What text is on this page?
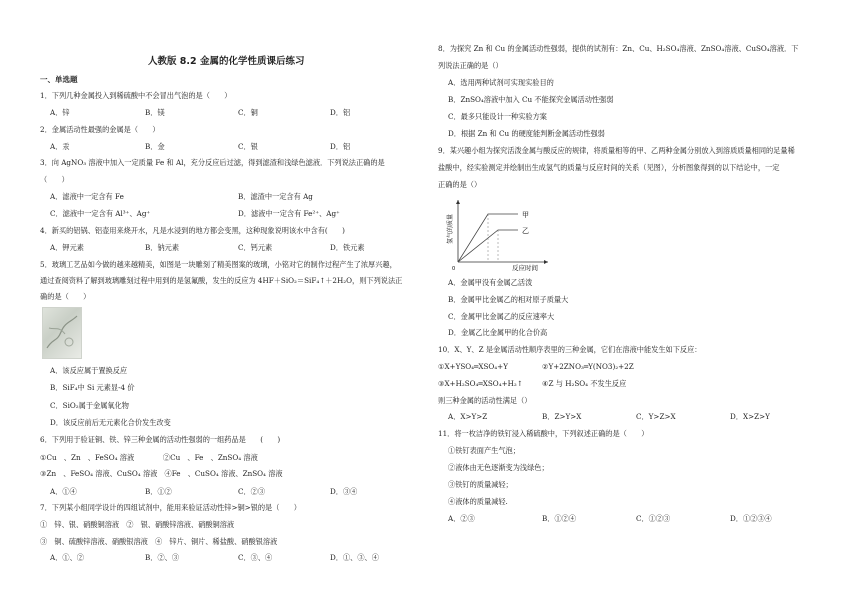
人教版 8.2 金属的化学性质课后练习
一、单选题
1．下列几种金属投入到稀硫酸中不会冒出气泡的是（　　）
A．锌	B．镁	C．铜	D．铝
2．金属活动性最强的金属是（　　）
A．汞	B．金	C．银	D．铝
3．向 AgNO₃ 溶液中加入一定质量 Fe 和 Al，充分反应后过滤，得到滤渣和浅绿色滤液．下列说法正确的是
（　　）
A．滤液中一定含有 Fe	B．滤渣中一定含有 Ag
C．滤液中一定含有 Al³⁺、Ag⁺	D．滤液中一定含有 Fe²⁺、Ag⁺
4．新买的铝锅、铝壶用来烧开水，凡是水浸到的地方都会变黑，这种现象说明该水中含有(　　)
A．钾元素	B．钠元素	C．钙元素	D．铁元素
5．玻璃工艺品如今做的越来越精美，如图是一块雕刻了精美图案的玻璃，小铭对它的制作过程产生了浓厚兴趣，
通过查阅资料了解到玻璃雕刻过程中用到的是氢氟酸，发生的反应为 4HF＋SiO₂＝SiF₄↑＋2H₂O，则下列说法正
确的是（　　）
A．该反应属于置换反应
B．SiF₄中 Si 元素显-4 价
C．SiO₂属于金属氧化物
D．该反应前后无元素化合价发生改变
6．下列用于验证铜、铁、锌三种金属的活动性强弱的一组药品是　　(　　)
①Cu　、Zn　、FeSO₄ 溶液　　　　②Cu　、Fe　、ZnSO₄ 溶液
③Zn　、FeSO₄ 溶液、CuSO₄ 溶液　④Fe　、CuSO₄ 溶液、ZnSO₄ 溶液
A．①④	B．①②	C．②③	D．③④
7．下列某小组同学设计的四组试剂中，能用来验证活动性锌>铜>银的是（　　）
①　锌、银、硝酸铜溶液　②　银、硝酸锌溶液、硝酸铜溶液
③　铜、硫酸锌溶液、硝酸银溶液　④　锌片、铜片、稀盐酸、硝酸银溶液
A．①、②	B．②、③	C．③、④	D．①、③、④
8．为探究 Zn 和 Cu 的金属活动性强弱，提供的试剂有：Zn、Cu、H₂SO₄溶液、ZnSO₄溶液、CuSO₄溶液．下
列说法正确的是（）
A．选用两种试剂可实现实验目的
B．ZnSO₄溶液中加入 Cu 不能探究金属活动性强弱
C．最多只能设计一种实验方案
D．根据 Zn 和 Cu 的硬度能判断金属活动性强弱
9．某兴趣小组为探究活泼金属与酸反应的规律，将质量相等的甲、乙两种金属分别放入到溶质质量相同的足量稀
盐酸中，经实验测定并绘制出生成氢气的质量与反应时间的关系（见图），分析图象得到的以下结论中，一定
正确的是（）
氢气的质量
反应时间
0
甲
乙
A．金属甲没有金属乙活泼
B．金属甲比金属乙的相对原子质量大
C．金属甲比金属乙的反应速率大
D．金属乙比金属甲的化合价高
10．X、Y、Z 是金属活动性顺序表里的三种金属，它们在溶液中能发生如下反应：
①X+YSO₄═XSO₄+Y	②Y+2ZNO₃═Y(NO3)₂+2Z
③X+H₂SO₄═XSO₄+H₂↑	④Z 与 H₂SO₄ 不发生反应
则三种金属的活动性满足（）
A．X>Y>Z	B．Z>Y>X	C．Y>Z>X	D．X>Z>Y
11．将一枚洁净的铁钉浸入稀硫酸中，下列叙述正确的是（　　）
①铁钉表面产生气泡；
②液体由无色逐渐变为浅绿色；
③铁钉的质量减轻；
④液体的质量减轻.
A．②③	B．①②④	C．①②③	D．①②③④
